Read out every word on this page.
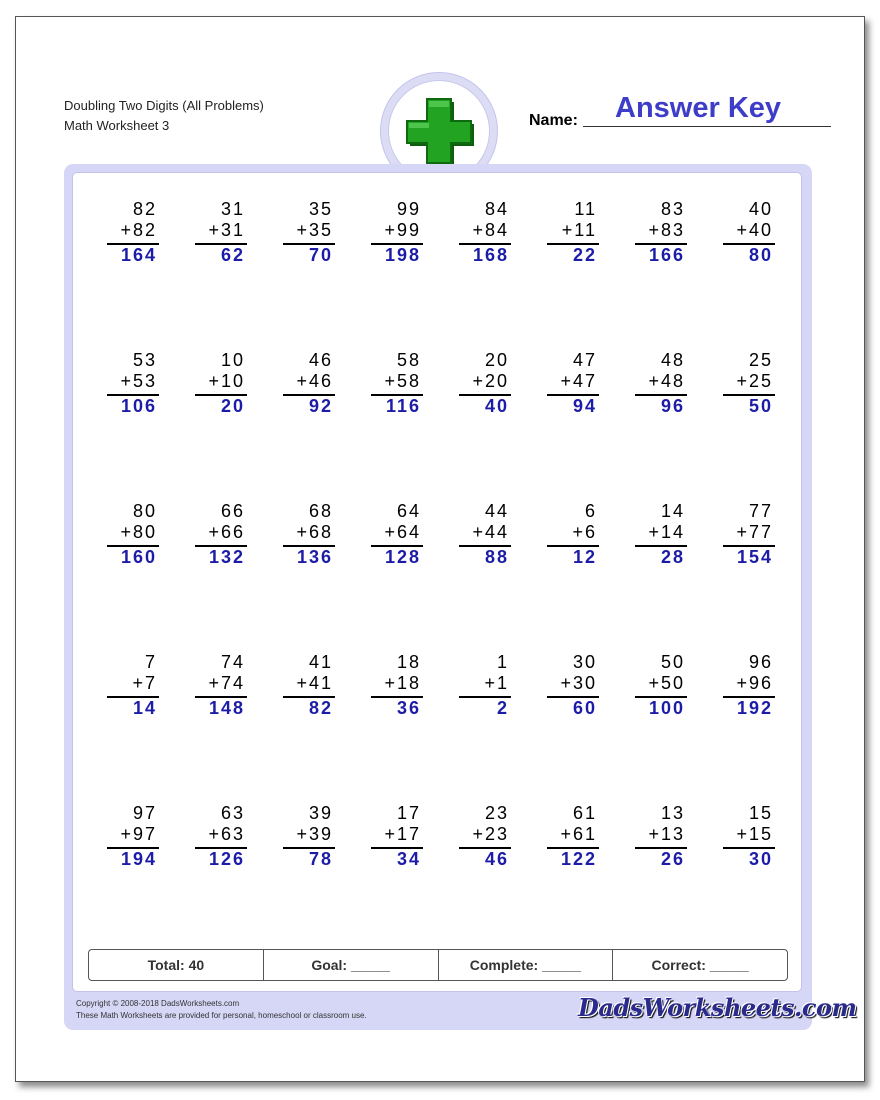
Doubling Two Digits (All Problems)
Math Worksheet 3	Name: Answer Key
82
+82
164
31
+31
62
35
+35
70
99
+99
198
84
+84
168
11
+11
22
83
+83
166
40
+40
80
53
+53
106
10
+10
20
46
+46
92
58
+58
116
20
+20
40
47
+47
94
48
+48
96
25
+25
50
80
+80
160
66
+66
132
68
+68
136
64
+64
128
44
+44
88
6
+6
12
14
+14
28
77
+77
154
7
+7
14
74
+74
148
41
+41
82
18
+18
36
1
+1
2
30
+30
60
50
+50
100
96
+96
192
97
+97
194
63
+63
126
39
+39
78
17
+17
34
23
+23
46
61
+61
122
13
+13
26
15
+15
30
Total: 40	Goal: _____	Complete: _____	Correct: _____
Copyright © 2008-2018 DadsWorksheets.com
These Math Worksheets are provided for personal, homeschool or classroom use.	DadsWorksheets.com
